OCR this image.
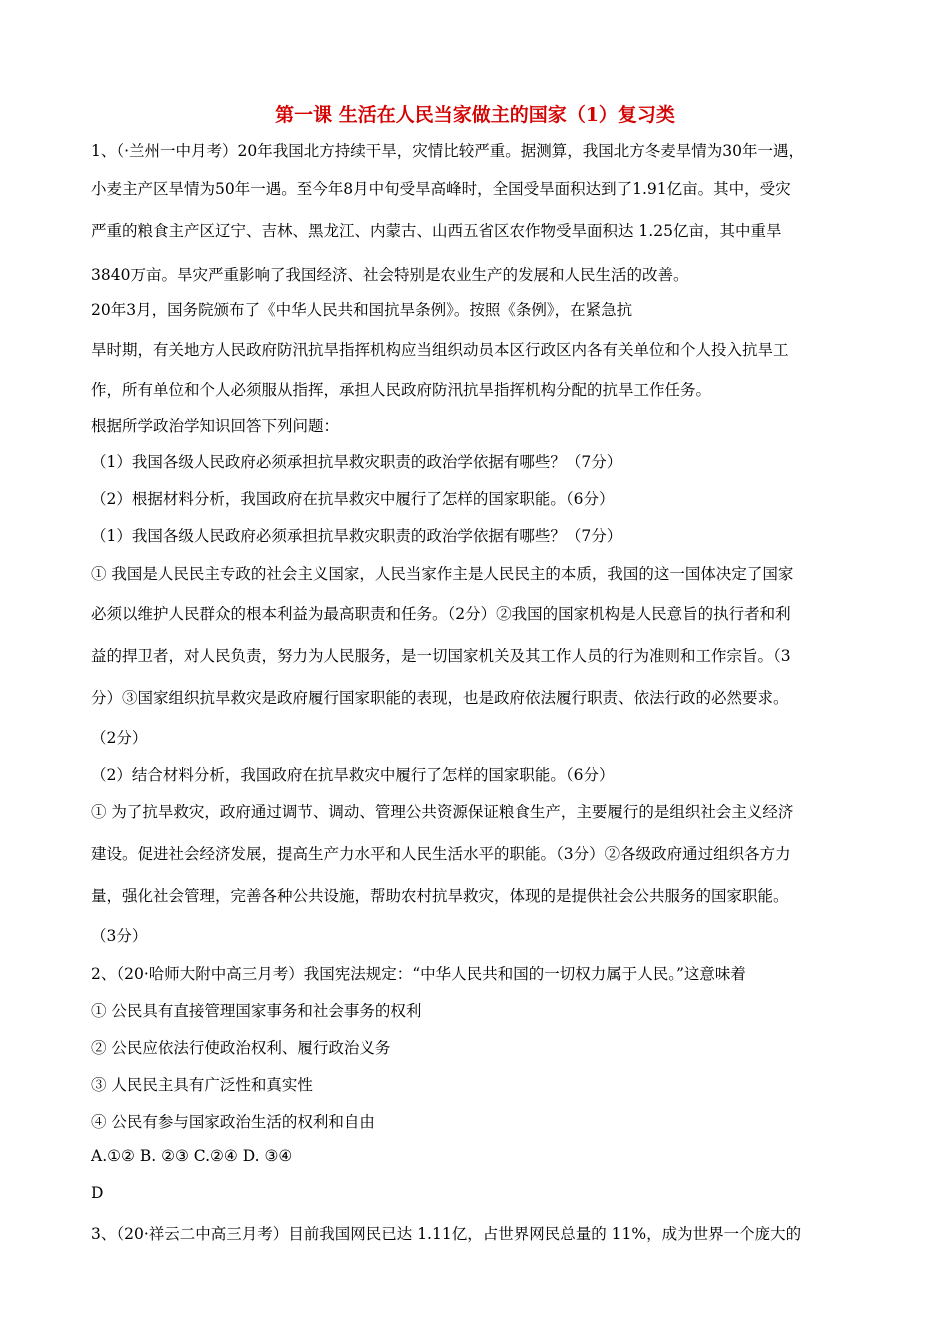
第一课 生活在人民当家做主的国家（1）复习类
1、（·兰州一中月考）20年我国北方持续干旱，灾情比较严重。据测算，我国北方冬麦旱情为30年一遇，
小麦主产区旱情为50年一遇。至今年8月中旬受旱高峰时，全国受旱面积达到了1.91亿亩。其中，受灾
严重的粮食主产区辽宁、吉林、黑龙江、内蒙古、山西五省区农作物受旱面积达 1.25亿亩，其中重旱
3840万亩。旱灾严重影响了我国经济、社会特别是农业生产的发展和人民生活的改善。
20年3月，国务院颁布了《中华人民共和国抗旱条例》。按照《条例》，在紧急抗
旱时期，有关地方人民政府防汛抗旱指挥机构应当组织动员本区行政区内各有关单位和个人投入抗旱工
作，所有单位和个人必须服从指挥，承担人民政府防汛抗旱指挥机构分配的抗旱工作任务。
根据所学政治学知识回答下列问题：
（1）我国各级人民政府必须承担抗旱救灾职责的政治学依据有哪些？（7分）
（2）根据材料分析，我国政府在抗旱救灾中履行了怎样的国家职能。（6分）
（1）我国各级人民政府必须承担抗旱救灾职责的政治学依据有哪些？（7分）
① 我国是人民民主专政的社会主义国家，人民当家作主是人民民主的本质，我国的这一国体决定了国家
必须以维护人民群众的根本利益为最高职责和任务。（2分）②我国的国家机构是人民意旨的执行者和利
益的捍卫者，对人民负责，努力为人民服务，是一切国家机关及其工作人员的行为准则和工作宗旨。（3
分）③国家组织抗旱救灾是政府履行国家职能的表现，也是政府依法履行职责、依法行政的必然要求。
（2分）
（2）结合材料分析，我国政府在抗旱救灾中履行了怎样的国家职能。（6分）
① 为了抗旱救灾，政府通过调节、调动、管理公共资源保证粮食生产，主要履行的是组织社会主义经济
建设。促进社会经济发展，提高生产力水平和人民生活水平的职能。（3分）②各级政府通过组织各方力
量，强化社会管理，完善各种公共设施，帮助农村抗旱救灾，体现的是提供社会公共服务的国家职能。
（3分）
2、（20·哈师大附中高三月考）我国宪法规定：“中华人民共和国的一切权力属于人民。”这意味着
① 公民具有直接管理国家事务和社会事务的权利
② 公民应依法行使政治权利、履行政治义务
③ 人民民主具有广泛性和真实性
④ 公民有参与国家政治生活的权利和自由
A.①② B. ②③ C.②④ D. ③④
D
3、（20·祥云二中高三月考）目前我国网民已达 1.11亿，占世界网民总量的 11%，成为世界一个庞大的
